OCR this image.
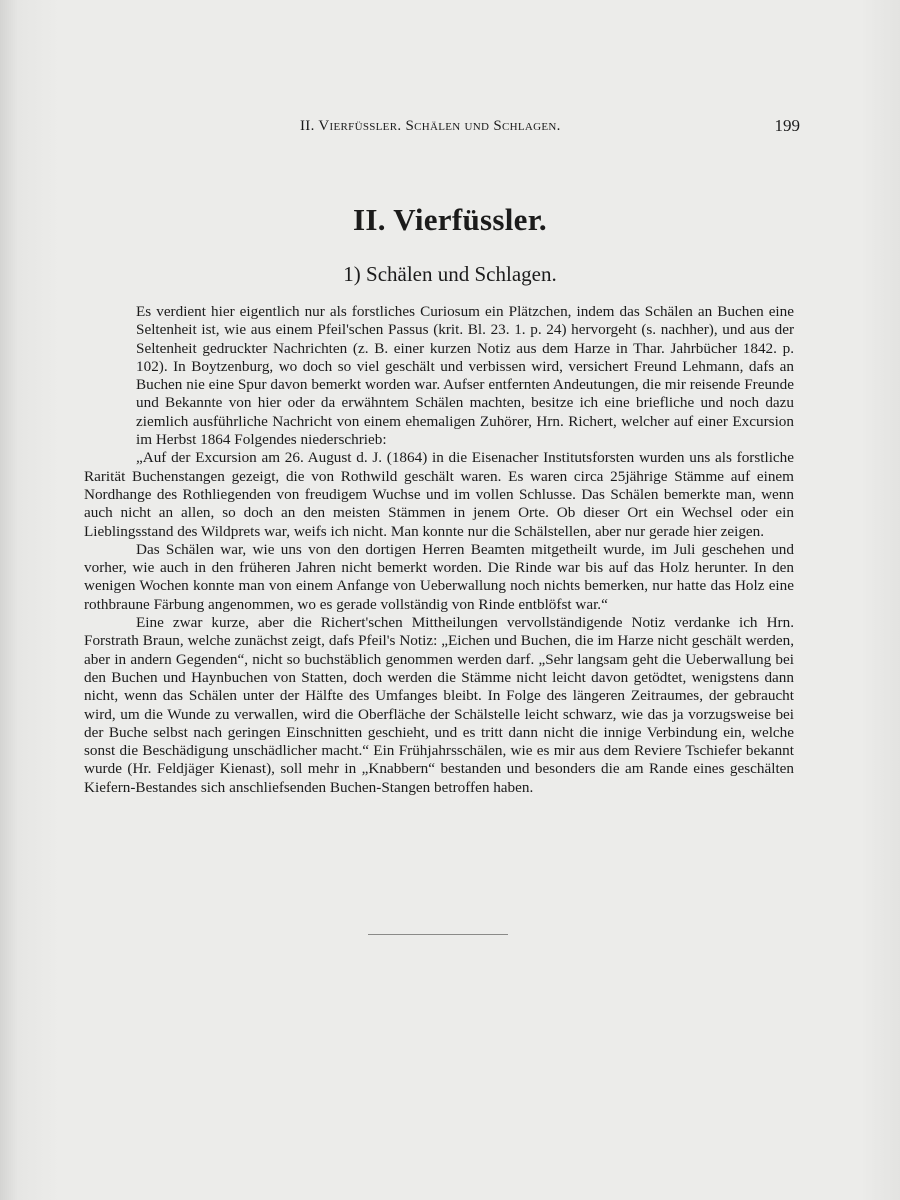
II. Vierfüssler. Schälen und Schlagen.	199
II. Vierfüssler.
1) Schälen und Schlagen.

Es verdient hier eigentlich nur als forstliches Curiosum ein Plätzchen, indem das Schälen an Buchen eine Seltenheit ist, wie aus einem Pfeil'schen Passus (krit. Bl. 23. 1. p. 24) hervorgeht (s. nachher), und aus der Seltenheit gedruckter Nachrichten (z. B. einer kurzen Notiz aus dem Harze in Thar. Jahrbücher 1842. p. 102). In Boytzenburg, wo doch so viel geschält und verbissen wird, versichert Freund Lehmann, dafs an Buchen nie eine Spur davon bemerkt worden war. Aufser entfernten Andeutungen, die mir reisende Freunde und Bekannte von hier oder da erwähntem Schälen machten, besitze ich eine briefliche und noch dazu ziemlich ausführliche Nachricht von einem ehemaligen Zuhörer, Hrn. Richert, welcher auf einer Excursion im Herbst 1864 Folgendes niederschrieb:

„Auf der Excursion am 26. August d. J. (1864) in die Eisenacher Institutsforsten wurden uns als forstliche Rarität Buchenstangen gezeigt, die von Rothwild geschält waren. Es waren circa 25jährige Stämme auf einem Nordhange des Rothliegenden von freudigem Wuchse und im vollen Schlusse. Das Schälen bemerkte man, wenn auch nicht an allen, so doch an den meisten Stämmen in jenem Orte. Ob dieser Ort ein Wechsel oder ein Lieblingsstand des Wildprets war, weifs ich nicht. Man konnte nur die Schälstellen, aber nur gerade hier zeigen.

Das Schälen war, wie uns von den dortigen Herren Beamten mitgetheilt wurde, im Juli geschehen und vorher, wie auch in den früheren Jahren nicht bemerkt worden. Die Rinde war bis auf das Holz herunter. In den wenigen Wochen konnte man von einem Anfange von Ueberwallung noch nichts bemerken, nur hatte das Holz eine rothbraune Färbung angenommen, wo es gerade vollständig von Rinde entblöfst war.“

Eine zwar kurze, aber die Richert'schen Mittheilungen vervollständigende Notiz verdanke ich Hrn. Forstrath Braun, welche zunächst zeigt, dafs Pfeil's Notiz: „Eichen und Buchen, die im Harze nicht geschält werden, aber in andern Gegenden“, nicht so buchstäblich genommen werden darf. „Sehr langsam geht die Ueberwallung bei den Buchen und Haynbuchen von Statten, doch werden die Stämme nicht leicht davon getödtet, wenigstens dann nicht, wenn das Schälen unter der Hälfte des Umfanges bleibt. In Folge des längeren Zeitraumes, der gebraucht wird, um die Wunde zu verwallen, wird die Oberfläche der Schälstelle leicht schwarz, wie das ja vorzugsweise bei der Buche selbst nach geringen Einschnitten geschieht, und es tritt dann nicht die innige Verbindung ein, welche sonst die Beschädigung unschädlicher macht.“ Ein Frühjahrsschälen, wie es mir aus dem Reviere Tschiefer bekannt wurde (Hr. Feldjäger Kienast), soll mehr in „Knabbern“ bestanden und besonders die am Rande eines geschälten Kiefern-Bestandes sich anschliefsenden Buchen-Stangen betroffen haben.
